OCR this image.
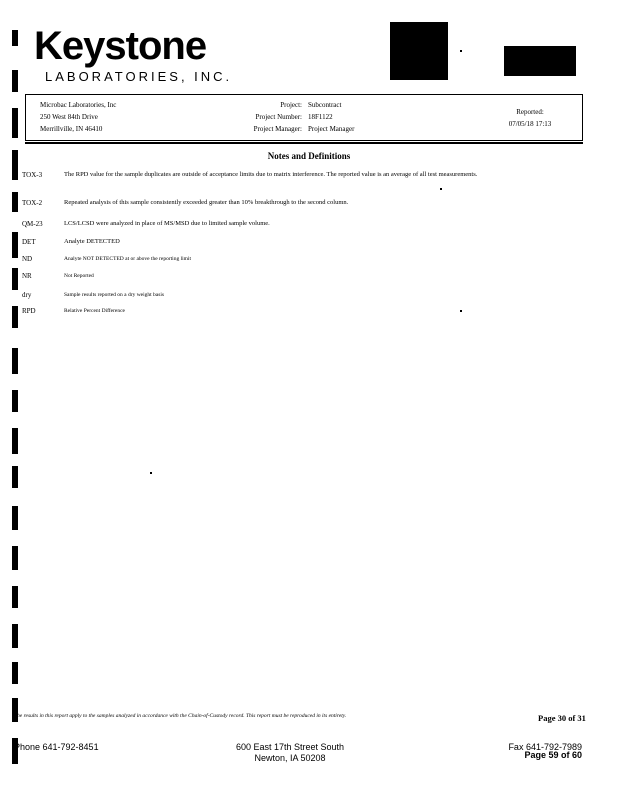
Keystone
LABORATORIES, INC.
Microbac Laboratories, Inc
250 West 84th Drive
Merrillville, IN 46410
Project: Subcontract
Project Number: 18F1122
Project Manager: Project Manager
Reported:
07/05/18 17:13
Notes and Definitions
TOX-3	The RPD value for the sample duplicates are outside of acceptance limits due to matrix interference. The reported value is an average of all test measurements.
TOX-2	Repeated analysis of this sample consistently exceeded greater than 10% breakthrough to the second column.
QM-23	LCS/LCSD were analyzed in place of MS/MSD due to limited sample volume.
DET	Analyte DETECTED
ND	Analyte NOT DETECTED at or above the reporting limit
NR	Not Reported
dry	Sample results reported on a dry weight basis
RPD	Relative Percent Difference
The results in this report apply to the samples analyzed in accordance with the Chain-of-Custody record. This report must be reproduced in its entirety.	Page 30 of 31
Phone 641-792-8451	600 East 17th Street South
Newton, IA 50208
Fax 641-792-7989
Page 59 of 60
